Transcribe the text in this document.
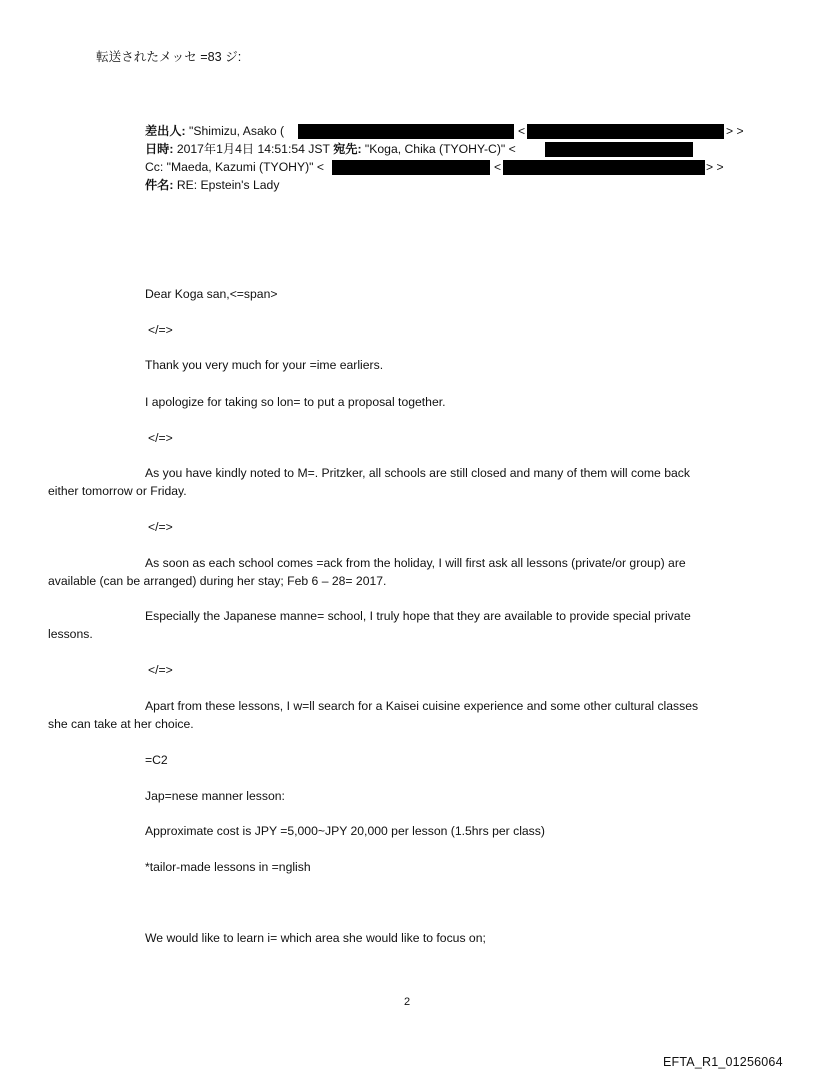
転送されたメッセ =83 ジ:
差出人: "Shimizu, Asako (	<	> >
日時: 2017年1月4日 14:51:54 JST 宛先: "Koga, Chika (TYOHY-C)" <
Cc: "Maeda, Kazumi (TYOHY)" <	<	> >
件名: RE: Epstein's Lady
Dear Koga san,<=span>
</=>
Thank you very much for your =ime earliers.
I apologize for taking so lon= to put a proposal together.
</=>
As you have kindly noted to M=. Pritzker, all schools are still closed and many of them will come back
either tomorrow or Friday.
</=>
As soon as each school comes =ack from the holiday, I will first ask all lessons (private/or group) are
available (can be arranged) during her stay; Feb 6 – 28= 2017.
Especially the Japanese manne= school, I truly hope that they are available to provide special private
lessons.
</=>
Apart from these lessons, I w=ll search for a Kaisei cuisine experience and some other cultural classes
she can take at her choice.
=C2
Jap=nese manner lesson:
Approximate cost is JPY =5,000~JPY 20,000 per lesson (1.5hrs per class)
*tailor-made lessons in =nglish
We would like to learn i= which area she would like to focus on;
2
EFTA_R1_01256064
